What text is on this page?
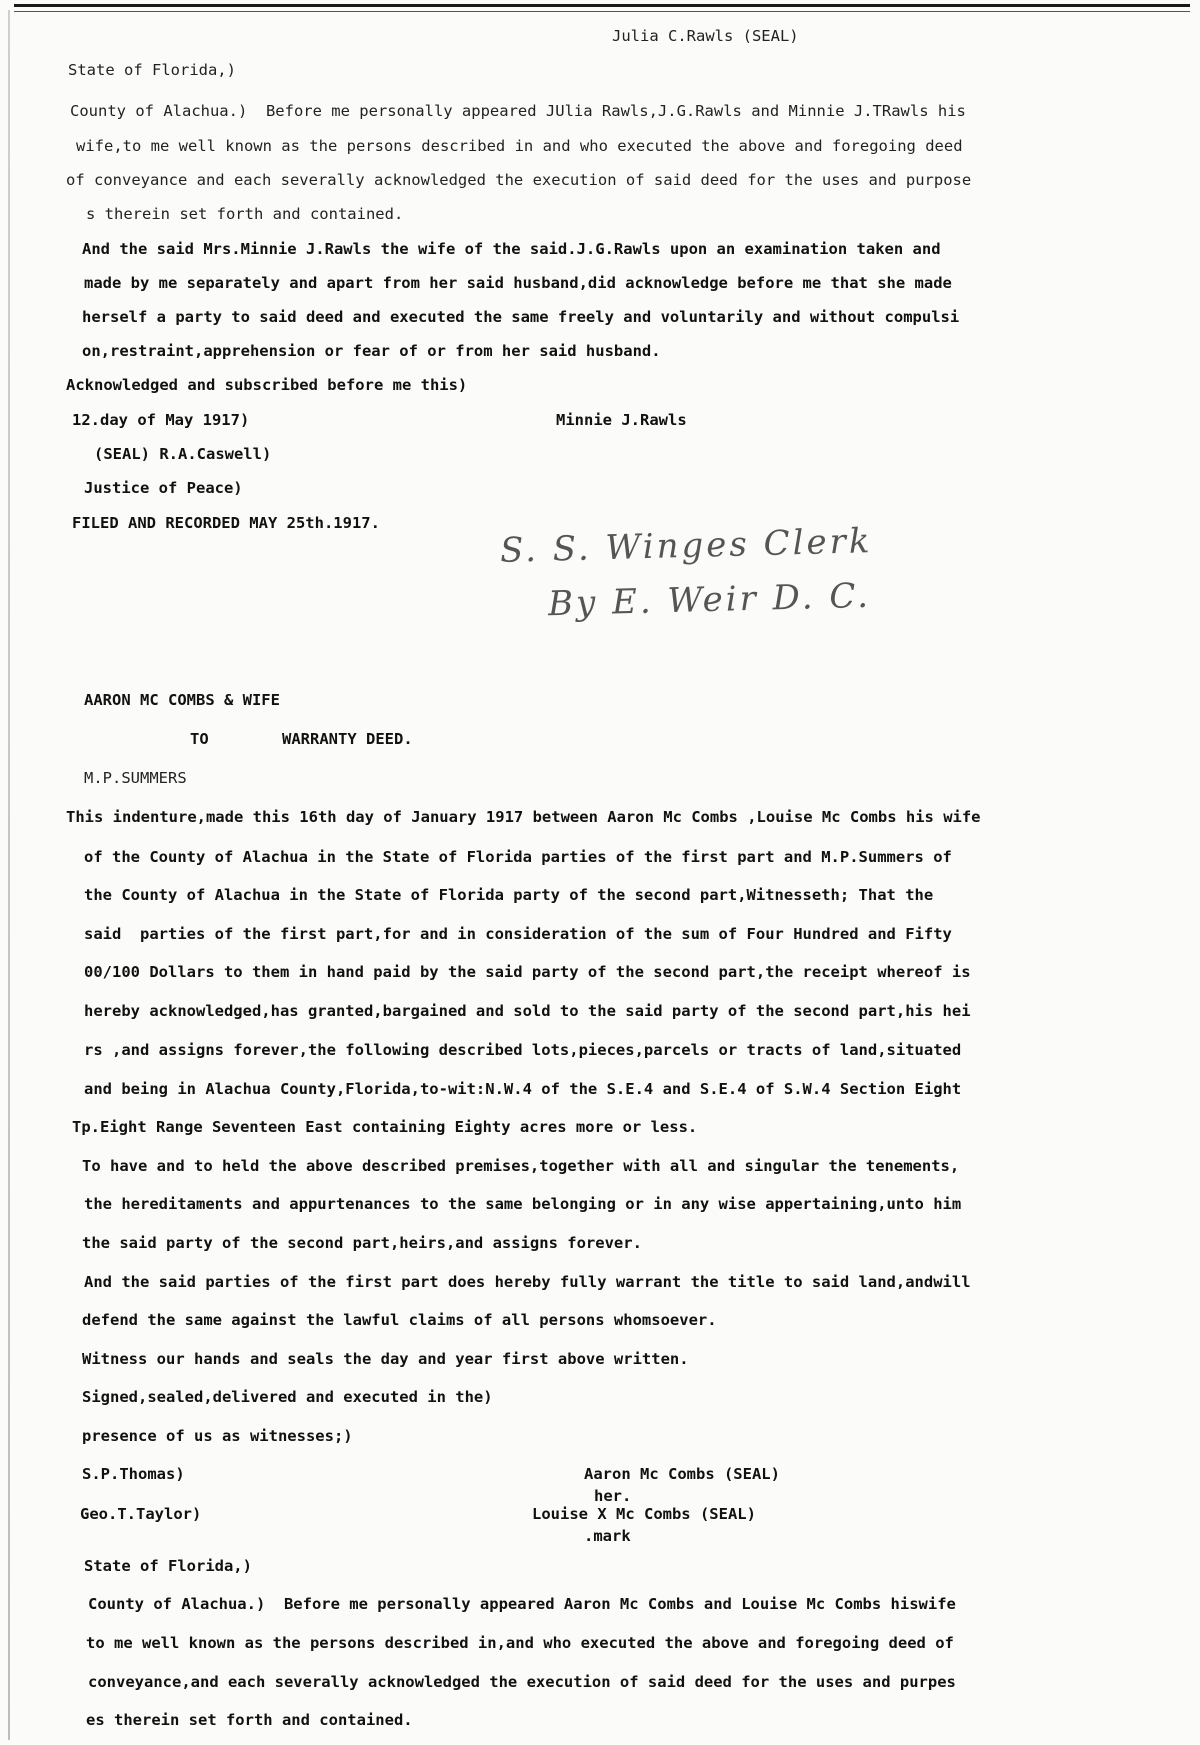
Julia C.Rawls (SEAL)
State of Florida,)
County of Alachua.)  Before me personally appeared JUlia Rawls,J.G.Rawls and Minnie J.TRawls his
wife,to me well known as the persons described in and who executed the above and foregoing deed
of conveyance and each severally acknowledged the execution of said deed for the uses and purpose
s therein set forth and contained.
And the said Mrs.Minnie J.Rawls the wife of the said.J.G.Rawls upon an examination taken and
made by me separately and apart from her said husband,did acknowledge before me that she made
herself a party to said deed and executed the same freely and voluntarily and without compulsi
on,restraint,apprehension or fear of or from her said husband.
Acknowledged and subscribed before me this)
12.day of May 1917)	Minnie J.Rawls
(SEAL) R.A.Caswell)
Justice of Peace)
FILED AND RECORDED MAY 25th.1917.	S. S. Winges Clerk
By E. Weir D. C.
AARON MC COMBS & WIFE
TO	WARRANTY DEED.
M.P.SUMMERS
This indenture,made this 16th day of January 1917 between Aaron Mc Combs ,Louise Mc Combs his wife
of the County of Alachua in the State of Florida parties of the first part and M.P.Summers of
the County of Alachua in the State of Florida party of the second part,Witnesseth; That the
said  parties of the first part,for and in consideration of the sum of Four Hundred and Fifty
00/100 Dollars to them in hand paid by the said party of the second part,the receipt whereof is
hereby acknowledged,has granted,bargained and sold to the said party of the second part,his hei
rs ,and assigns forever,the following described lots,pieces,parcels or tracts of land,situated
and being in Alachua County,Florida,to-wit:N.W.4 of the S.E.4 and S.E.4 of S.W.4 Section Eight
Tp.Eight Range Seventeen East containing Eighty acres more or less.
To have and to held the above described premises,together with all and singular the tenements,
the hereditaments and appurtenances to the same belonging or in any wise appertaining,unto him
the said party of the second part,heirs,and assigns forever.
And the said parties of the first part does hereby fully warrant the title to said land,andwill
defend the same against the lawful claims of all persons whomsoever.
Witness our hands and seals the day and year first above written.
Signed,sealed,delivered and executed in the)
presence of us as witnesses;)
S.P.Thomas)	Aaron Mc Combs (SEAL)
her.
Geo.T.Taylor)	Louise X Mc Combs (SEAL)
.mark
State of Florida,)
County of Alachua.)  Before me personally appeared Aaron Mc Combs and Louise Mc Combs hiswife
to me well known as the persons described in,and who executed the above and foregoing deed of
conveyance,and each severally acknowledged the execution of said deed for the uses and purpes
es therein set forth and contained.
